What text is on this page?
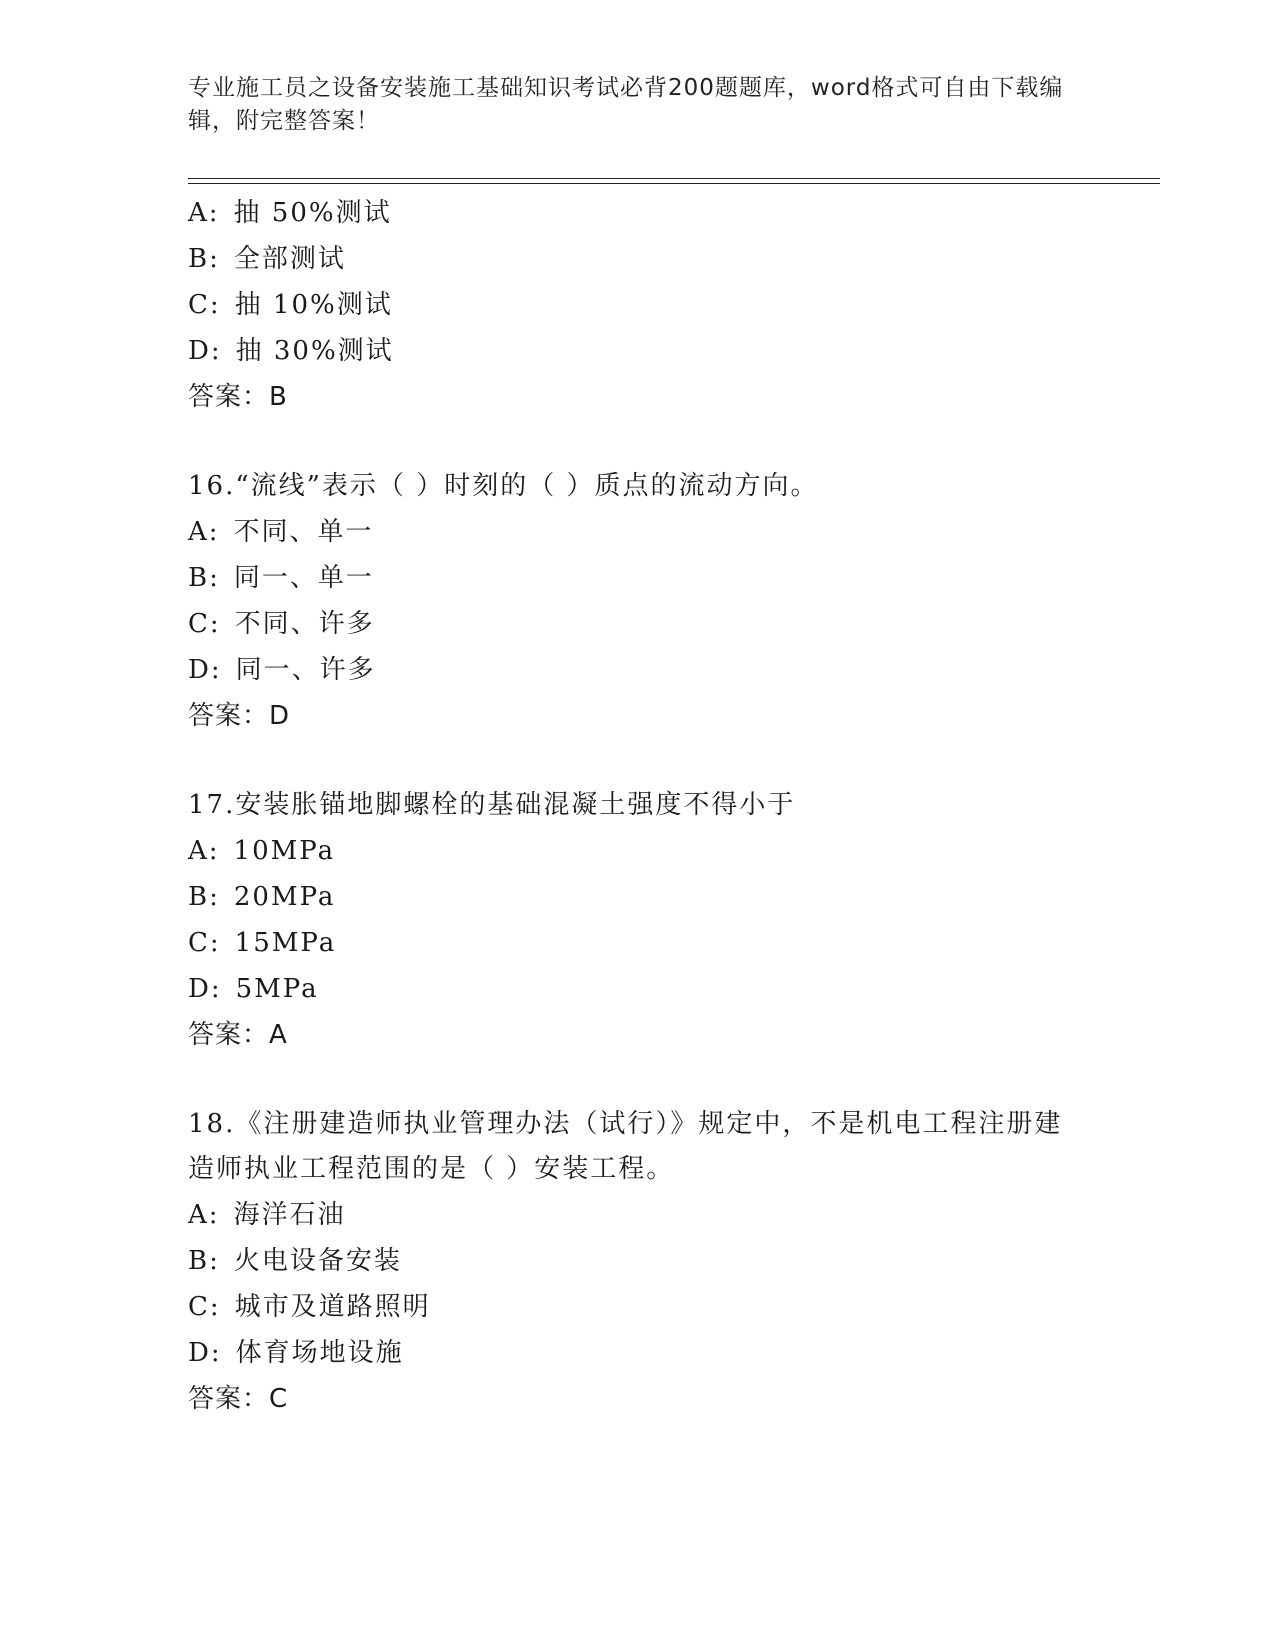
专业施工员之设备安装施工基础知识考试必背200题题库，word格式可自由下载编辑，附完整答案！
A: 抽 50%测试
B: 全部测试
C: 抽 10%测试
D: 抽 30%测试
答案：B
16.“流线”表示（ ）时刻的（ ）质点的流动方向。
A: 不同、单一
B: 同一、单一
C: 不同、许多
D: 同一、许多
答案：D
17.安装胀锚地脚螺栓的基础混凝土强度不得小于
A: 10MPa
B: 20MPa
C: 15MPa
D: 5MPa
答案：A
18.《注册建造师执业管理办法（试行）》规定中，不是机电工程注册建造师执业工程范围的是（ ）安装工程。
A: 海洋石油
B: 火电设备安装
C: 城市及道路照明
D: 体育场地设施
答案：C
